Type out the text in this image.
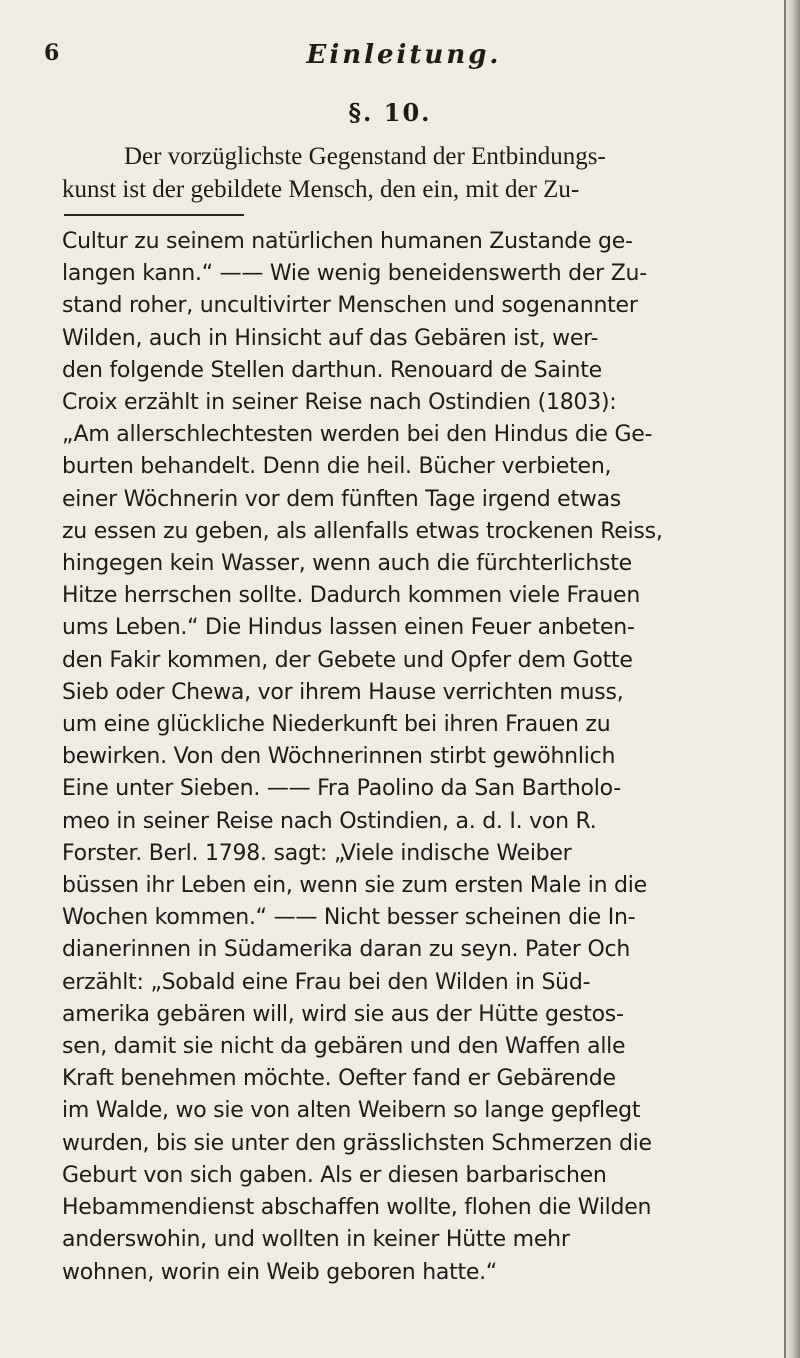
6	Einleitung.
§. 10.
Der vorzüglichste Gegenstand der Entbindungs-
kunst ist der gebildete Mensch, den ein, mit der Zu-
Cultur zu seinem natürlichen humanen Zustande ge-
langen kann.“ —— Wie wenig beneidenswerth der Zu-
stand roher, uncultivirter Menschen und sogenannter
Wilden, auch in Hinsicht auf das Gebären ist, wer-
den folgende Stellen darthun. Renouard de Sainte
Croix erzählt in seiner Reise nach Ostindien (1803):
„Am allerschlechtesten werden bei den Hindus die Ge-
burten behandelt. Denn die heil. Bücher verbieten,
einer Wöchnerin vor dem fünften Tage irgend etwas
zu essen zu geben, als allenfalls etwas trockenen Reiss,
hingegen kein Wasser, wenn auch die fürchterlichste
Hitze herrschen sollte. Dadurch kommen viele Frauen
ums Leben.“ Die Hindus lassen einen Feuer anbeten-
den Fakir kommen, der Gebete und Opfer dem Gotte
Sieb oder Chewa, vor ihrem Hause verrichten muss,
um eine glückliche Niederkunft bei ihren Frauen zu
bewirken. Von den Wöchnerinnen stirbt gewöhnlich
Eine unter Sieben. —— Fra Paolino da San Bartholo-
meo in seiner Reise nach Ostindien, a. d. I. von R.
Forster. Berl. 1798. sagt: „Viele indische Weiber
büssen ihr Leben ein, wenn sie zum ersten Male in die
Wochen kommen.“ —— Nicht besser scheinen die In-
dianerinnen in Südamerika daran zu seyn. Pater Och
erzählt: „Sobald eine Frau bei den Wilden in Süd-
amerika gebären will, wird sie aus der Hütte gestos-
sen, damit sie nicht da gebären und den Waffen alle
Kraft benehmen möchte. Oefter fand er Gebärende
im Walde, wo sie von alten Weibern so lange gepflegt
wurden, bis sie unter den grässlichsten Schmerzen die
Geburt von sich gaben. Als er diesen barbarischen
Hebammendienst abschaffen wollte, flohen die Wilden
anderswohin, und wollten in keiner Hütte mehr
wohnen, worin ein Weib geboren hatte.“
